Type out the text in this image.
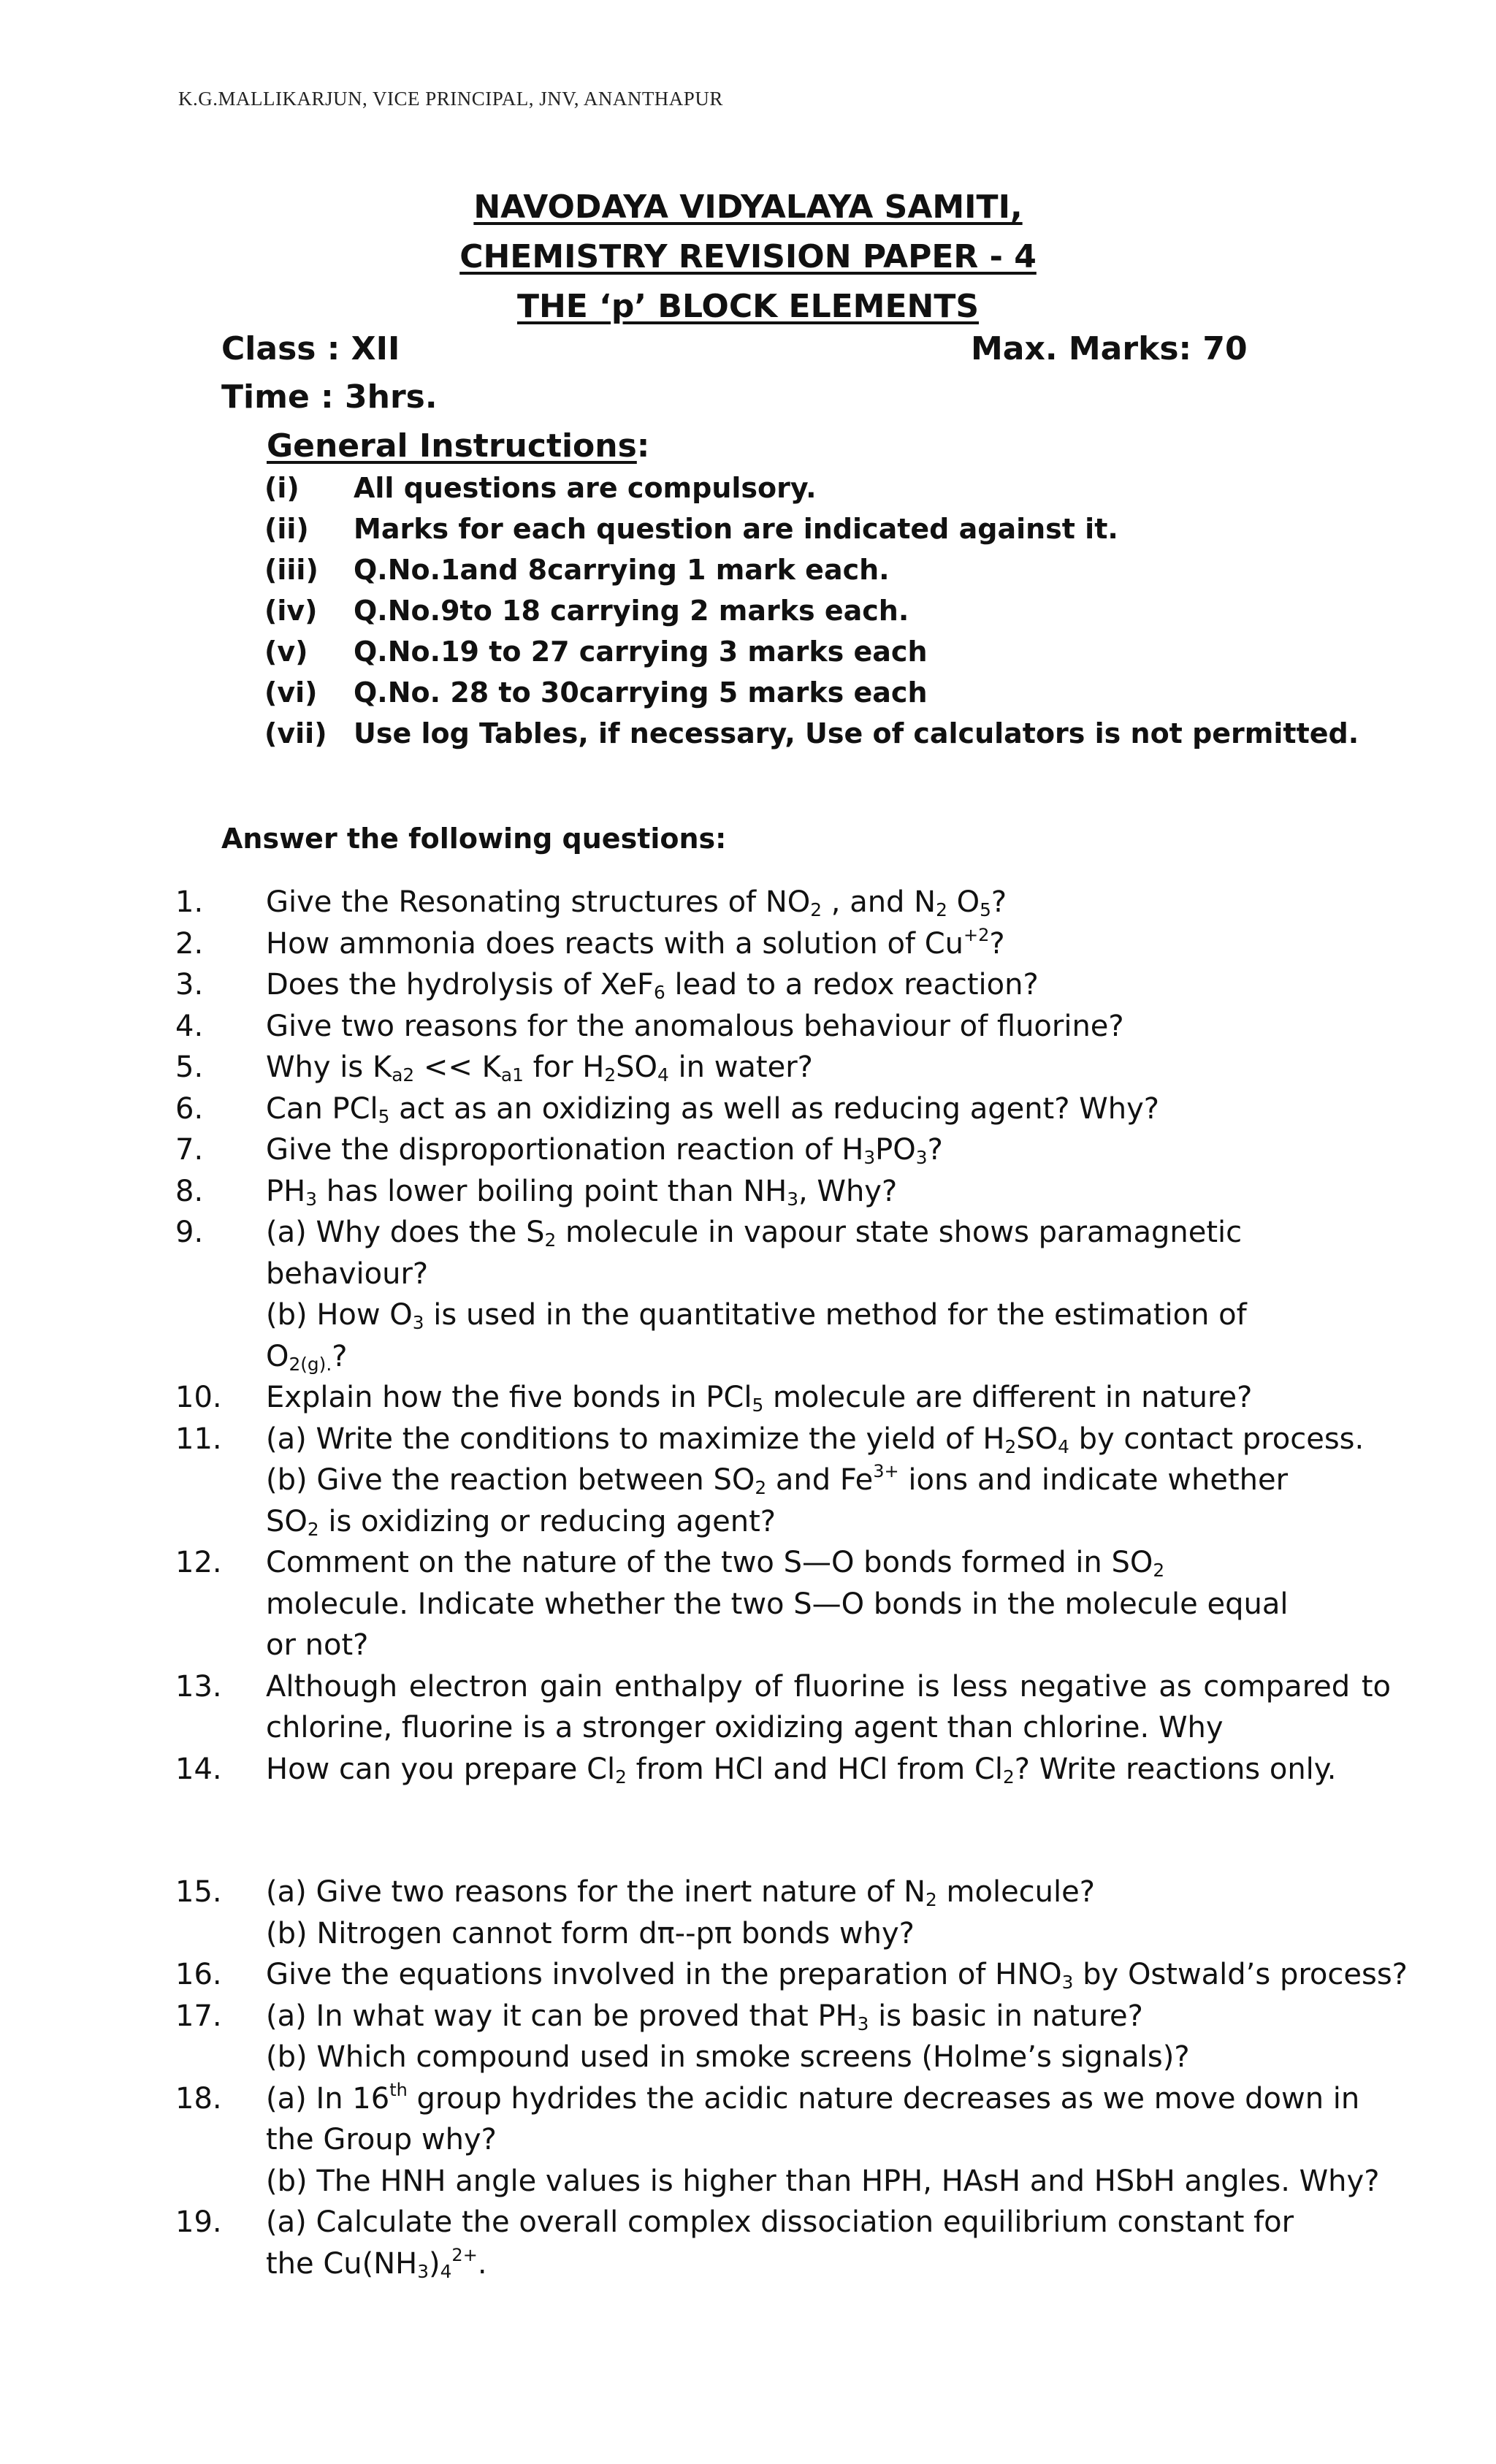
K.G.MALLIKARJUN, VICE PRINCIPAL, JNV, ANANTHAPUR
NAVODAYA VIDYALAYA SAMITI,
CHEMISTRY REVISION PAPER - 4
THE ‘p’ BLOCK ELEMENTS
Class : XII	Max. Marks: 70
Time : 3hrs.
General Instructions:
(i) All questions are compulsory.
(ii) Marks for each question are indicated against it.
(iii) Q.No.1and 8carrying 1 mark each.
(iv) Q.No.9to 18 carrying 2 marks each.
(v) Q.No.19 to 27 carrying 3 marks each
(vi) Q.No. 28 to 30carrying 5 marks each
(vii) Use log Tables, if necessary, Use of calculators is not permitted.
Answer the following questions:
1. Give the Resonating structures of $NO_2$ , and $N_2$ $O_5$?
2. How ammonia does reacts with a solution of $Cu^{+2}$?
3. Does the hydrolysis of XeF$_6$ lead to a redox reaction?
4. Give two reasons for the anomalous behaviour of fluorine?
5. Why is $K_{a2} << K_{a1}$ for $H_2SO_4$ in water?
6. Can PCl$_5$ act as an oxidizing as well as reducing agent? Why?
7. Give the disproportionation reaction of $H_3PO_3$?
8. $PH_3$ has lower boiling point than $NH_3$, Why?
9. (a) Why does the $S_2$ molecule in vapour state shows paramagnetic
behaviour?
(b) How $O_3$ is used in the quantitative method for the estimation of
$O_{2(g).}$?
10. Explain how the five bonds in PCl$_5$ molecule are different in nature?
11. (a) Write the conditions to maximize the yield of $H_2SO_4$ by contact process.
(b) Give the reaction between $SO_2$ and $Fe^{3+}$ ions and indicate whether
$SO_2$ is oxidizing or reducing agent?
12. Comment on the nature of the two S—O bonds formed in $SO_2$
molecule. Indicate whether the two S—O bonds in the molecule equal
or not?
13. Although electron gain enthalpy of fluorine is less negative as compared to
chlorine, fluorine is a stronger oxidizing agent than chlorine. Why
14. How can you prepare $Cl_2$ from HCl and HCl from $Cl_2$? Write reactions only.
15. (a) Give two reasons for the inert nature of $N_2$ molecule?
(b) Nitrogen cannot form dπ--pπ bonds why?
16. Give the equations involved in the preparation of $HNO_3$ by Ostwald’s process?
17. (a) In what way it can be proved that $PH_3$ is basic in nature?
(b) Which compound used in smoke screens (Holme’s signals)?
18. (a) In 16th group hydrides the acidic nature decreases as we move down in
the Group why?
(b) The HNH angle values is higher than HPH, HAsH and HSbH angles. Why?
19. (a) Calculate the overall complex dissociation equilibrium constant for
the $Cu(NH_3)_4^{2+}$.
